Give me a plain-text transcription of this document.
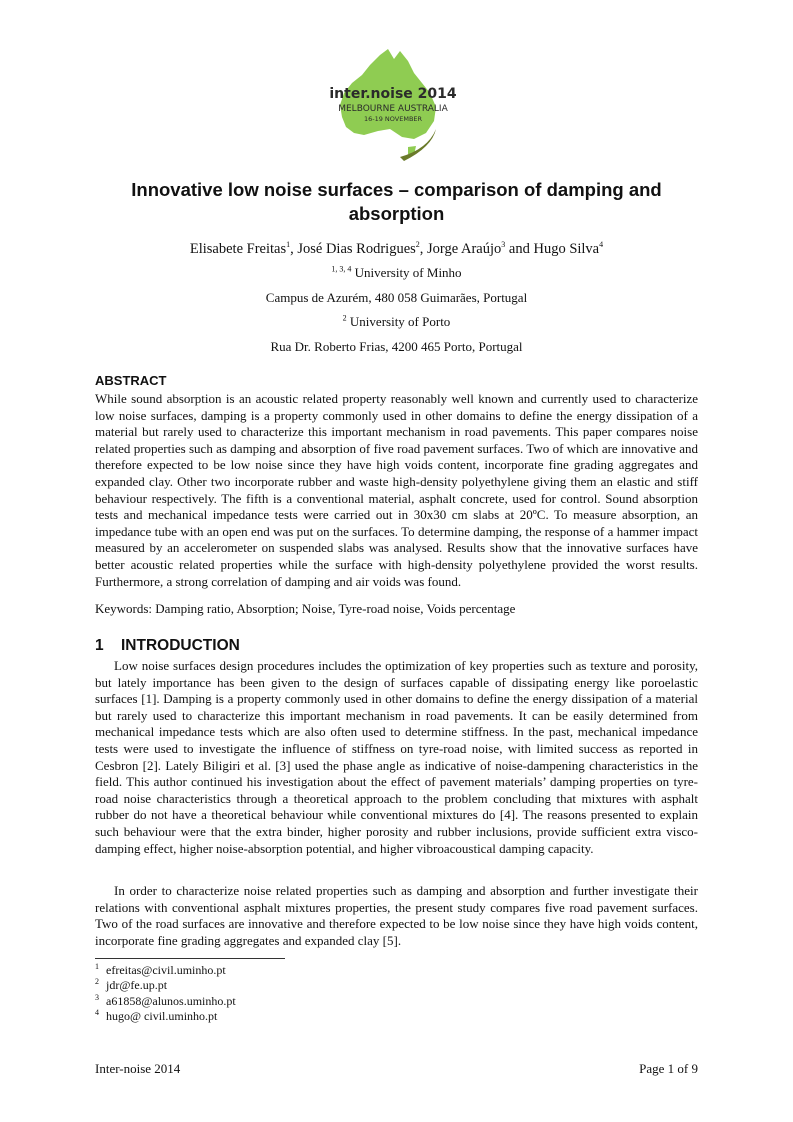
inter.noise 2014
MELBOURNE AUSTRALIA
16-19 NOVEMBER
Innovative low noise surfaces – comparison of damping and absorption

Elisabete Freitas$^1$, José Dias Rodrigues$^2$, Jorge Araújo$^3$ and Hugo Silva$^4$

$^{1, 3, 4}$ University of Minho

Campus de Azurém, 480 058 Guimarães, Portugal

$^2$ University of Porto

Rua Dr. Roberto Frias, 4200 465 Porto, Portugal

ABSTRACT

While sound absorption is an acoustic related property reasonably well known and currently used to characterize low noise surfaces, damping is a property commonly used in other domains to define the energy dissipation of a material but rarely used to characterize this important mechanism in road pavements. This paper compares noise related properties such as damping and absorption of five road pavement surfaces. Two of which are innovative and therefore expected to be low noise since they have high voids content, incorporate fine grading aggregates and expanded clay. Other two incorporate rubber and waste high-density polyethylene giving them an elastic and stiff behaviour respectively. The fifth is a conventional material, asphalt concrete, used for control. Sound absorption tests and mechanical impedance tests were carried out in 30x30 cm slabs at 20ºC. To measure absorption, an impedance tube with an open end was put on the surfaces. To determine damping, the response of a hammer impact measured by an accelerometer on suspended slabs was analysed. Results show that the innovative surfaces have better acoustic related properties while the surface with high-density polyethylene provided the worst results. Furthermore, a strong correlation of damping and air voids was found.

Keywords: Damping ratio, Absorption; Noise, Tyre-road noise, Voids percentage

1 INTRODUCTION

Low noise surfaces design procedures includes the optimization of key properties such as texture and porosity, but lately importance has been given to the design of surfaces capable of dissipating energy like poroelastic surfaces [1]. Damping is a property commonly used in other domains to define the energy dissipation of a material but rarely used to characterize this important mechanism in road pavements. It can be easily determined from mechanical impedance tests which are also often used to determine stiffness. In the past, mechanical impedance tests were used to investigate the influence of stiffness on tyre-road noise, with limited success as reported in Cesbron [2]. Lately Biligiri et al. [3] used the phase angle as indicative of noise-dampening characteristics in the field. This author continued his investigation about the effect of pavement materials’ damping properties on tyre-road noise characteristics through a theoretical approach to the problem concluding that mixtures with asphalt rubber do not have a theoretical behaviour while conventional mixtures do [4]. The reasons presented to explain such behaviour were that the extra binder, higher porosity and rubber inclusions, provide sufficient extra visco-damping effect, higher noise-absorption potential, and higher vibroacoustical damping capacity.

In order to characterize noise related properties such as damping and absorption and further investigate their relations with conventional asphalt mixtures properties, the present study compares five road pavement surfaces. Two of the road surfaces are innovative and therefore expected to be low noise since they have high voids content, incorporate fine grading aggregates and expanded clay [5].

$^1$ efreitas@civil.uminho.pt
$^2$ jdr@fe.up.pt
$^3$ a61858@alunos.uminho.pt
$^4$ hugo@ civil.uminho.pt

Inter-noise 2014	Page 1 of 9
